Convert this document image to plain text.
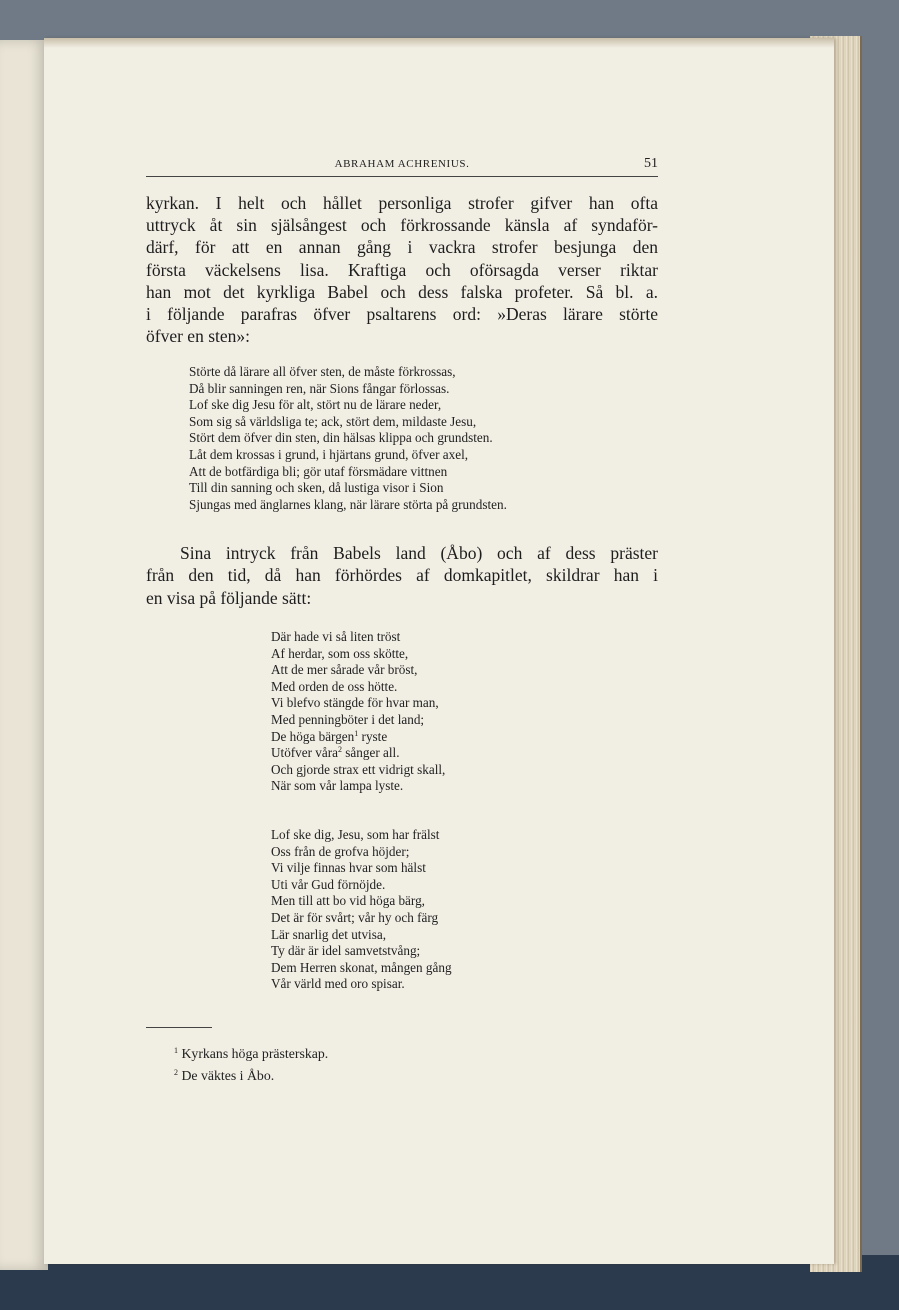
ABRAHAM ACHRENIUS.	51
kyrkan. I helt och hållet personliga strofer gifver han ofta
uttryck åt sin själsångest och förkrossande känsla af syndaför-
därf, för att en annan gång i vackra strofer besjunga den
första väckelsens lisa. Kraftiga och oförsagda verser riktar
han mot det kyrkliga Babel och dess falska profeter. Så bl. a.
i följande parafras öfver psaltarens ord: »Deras lärare störte
öfver en sten»:
Störte då lärare all öfver sten, de måste förkrossas,
Då blir sanningen ren, när Sions fångar förlossas.
Lof ske dig Jesu för alt, stört nu de lärare neder,
Som sig så världsliga te; ack, stört dem, mildaste Jesu,
Stört dem öfver din sten, din hälsas klippa och grundsten.
Låt dem krossas i grund, i hjärtans grund, öfver axel,
Att de botfärdiga bli; gör utaf försmädare vittnen
Till din sanning och sken, då lustiga visor i Sion
Sjungas med änglarnes klang, när lärare störta på grundsten.
Sina intryck från Babels land (Åbo) och af dess präster
från den tid, då han förhördes af domkapitlet, skildrar han i
en visa på följande sätt:
Där hade vi så liten tröst
Af herdar, som oss skötte,
Att de mer sårade vår bröst,
Med orden de oss hötte.
Vi blefvo stängde för hvar man,
Med penningböter i det land;
De höga bärgen$^1$ ryste
Utöfver våra$^2$ sånger all.
Och gjorde strax ett vidrigt skall,
När som vår lampa lyste.
Lof ske dig, Jesu, som har frälst
Oss från de grofva höjder;
Vi vilje finnas hvar som hälst
Uti vår Gud förnöjde.
Men till att bo vid höga bärg,
Det är för svårt; vår hy och färg
Lär snarlig det utvisa,
Ty där är idel samvetstvång;
Dem Herren skonat, mången gång
Vår värld med oro spisar.
$^1$ Kyrkans höga prästerskap.
$^2$ De väktes i Åbo.
